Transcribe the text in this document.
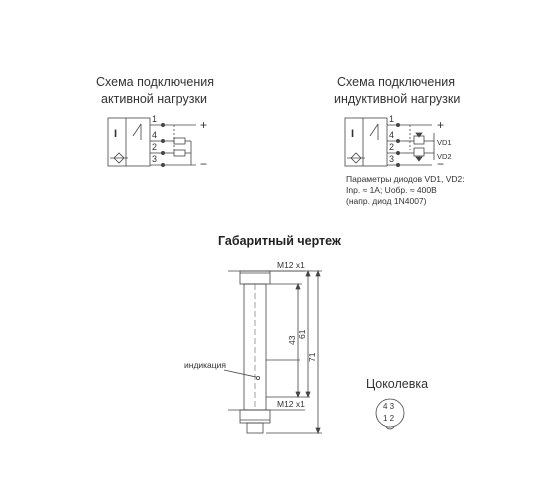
Схема подключения
активной нагрузки
Схема подключения
индуктивной нагрузки
1
4
2
3
+
−
I
1
4
2
3
+
−
I
VD1
VD2
M12 x1
M12 x1
43
61
71
индикация
4 3
1 2
Параметры диодов VD1, VD2:
Inp. ≈ 1A; Uобр. ≈ 400В
(напр. диод 1N4007)
Габаритный чертеж
Цоколевка
